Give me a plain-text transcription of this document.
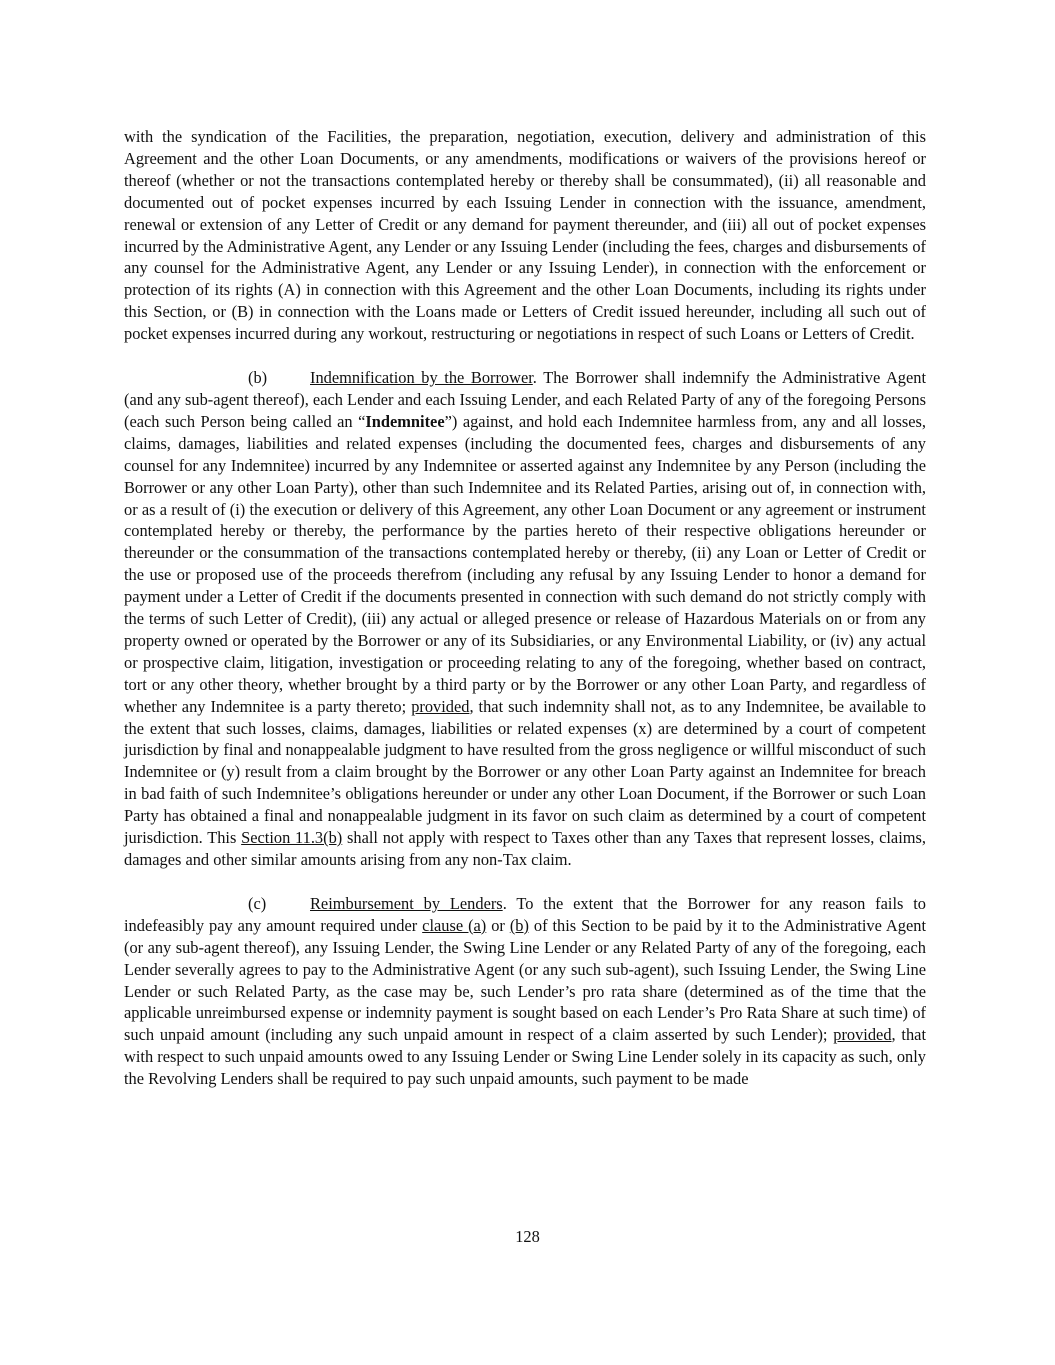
with the syndication of the Facilities, the preparation, negotiation, execution, delivery and administration of this Agreement and the other Loan Documents, or any amendments, modifications or waivers of the provisions hereof or thereof (whether or not the transactions contemplated hereby or thereby shall be consummated), (ii) all reasonable and documented out of pocket expenses incurred by each Issuing Lender in connection with the issuance, amendment, renewal or extension of any Letter of Credit or any demand for payment thereunder, and (iii) all out of pocket expenses incurred by the Administrative Agent, any Lender or any Issuing Lender (including the fees, charges and disbursements of any counsel for the Administrative Agent, any Lender or any Issuing Lender), in connection with the enforcement or protection of its rights (A) in connection with this Agreement and the other Loan Documents, including its rights under this Section, or (B) in connection with the Loans made or Letters of Credit issued hereunder, including all such out of pocket expenses incurred during any workout, restructuring or negotiations in respect of such Loans or Letters of Credit.

(b)	Indemnification by the Borrower. The Borrower shall indemnify the Administrative Agent (and any sub-agent thereof), each Lender and each Issuing Lender, and each Related Party of any of the foregoing Persons (each such Person being called an “Indemnitee”) against, and hold each Indemnitee harmless from, any and all losses, claims, damages, liabilities and related expenses (including the documented fees, charges and disbursements of any counsel for any Indemnitee) incurred by any Indemnitee or asserted against any Indemnitee by any Person (including the Borrower or any other Loan Party), other than such Indemnitee and its Related Parties, arising out of, in connection with, or as a result of (i) the execution or delivery of this Agreement, any other Loan Document or any agreement or instrument contemplated hereby or thereby, the performance by the parties hereto of their respective obligations hereunder or thereunder or the consummation of the transactions contemplated hereby or thereby, (ii) any Loan or Letter of Credit or the use or proposed use of the proceeds therefrom (including any refusal by any Issuing Lender to honor a demand for payment under a Letter of Credit if the documents presented in connection with such demand do not strictly comply with the terms of such Letter of Credit), (iii) any actual or alleged presence or release of Hazardous Materials on or from any property owned or operated by the Borrower or any of its Subsidiaries, or any Environmental Liability, or (iv) any actual or prospective claim, litigation, investigation or proceeding relating to any of the foregoing, whether based on contract, tort or any other theory, whether brought by a third party or by the Borrower or any other Loan Party, and regardless of whether any Indemnitee is a party thereto; provided, that such indemnity shall not, as to any Indemnitee, be available to the extent that such losses, claims, damages, liabilities or related expenses (x) are determined by a court of competent jurisdiction by final and nonappealable judgment to have resulted from the gross negligence or willful misconduct of such Indemnitee or (y) result from a claim brought by the Borrower or any other Loan Party against an Indemnitee for breach in bad faith of such Indemnitee’s obligations hereunder or under any other Loan Document, if the Borrower or such Loan Party has obtained a final and nonappealable judgment in its favor on such claim as determined by a court of competent jurisdiction. This Section 11.3(b) shall not apply with respect to Taxes other than any Taxes that represent losses, claims, damages and other similar amounts arising from any non-Tax claim.

(c)	Reimbursement by Lenders. To the extent that the Borrower for any reason fails to indefeasibly pay any amount required under clause (a) or (b) of this Section to be paid by it to the Administrative Agent (or any sub-agent thereof), any Issuing Lender, the Swing Line Lender or any Related Party of any of the foregoing, each Lender severally agrees to pay to the Administrative Agent (or any such sub-agent), such Issuing Lender, the Swing Line Lender or such Related Party, as the case may be, such Lender’s pro rata share (determined as of the time that the applicable unreimbursed expense or indemnity payment is sought based on each Lender’s Pro Rata Share at such time) of such unpaid amount (including any such unpaid amount in respect of a claim asserted by such Lender); provided, that with respect to such unpaid amounts owed to any Issuing Lender or Swing Line Lender solely in its capacity as such, only the Revolving Lenders shall be required to pay such unpaid amounts, such payment to be made

128
